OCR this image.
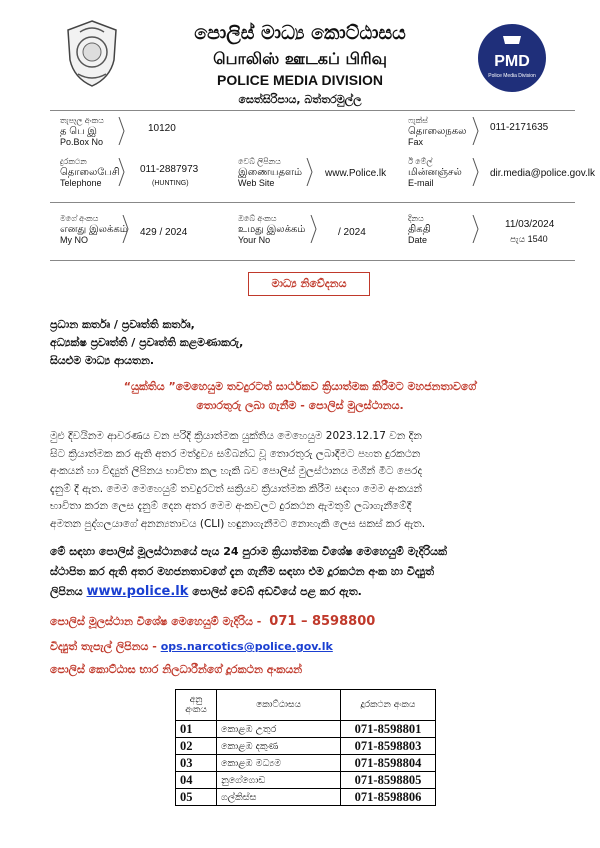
PMD
Police Media Division
පොලිස් මාධ්‍ය කොට්ඨාසය
பொலிஸ் ஊடகப் பிரிவு
POLICE MEDIA DIVISION
සෙත්සිරිපාය, බත්තරමුල්ල
තැපෑල අංකය
த பெ இ
Po.Box No
10120
ෆැක්ස්
தொலைநகல
Fax
011-2171635
දුරකථන
தொலைபேசி
Telephone
011-2887973
(HUNTING)
වෙබ් ලිපිනය
இணையதளம்
Web Site
www.Police.lk
ඊ මේල්
மின்னஞ்சல்
E-mail
dir.media@police.gov.lk
මගේ අංකය
எனது இலக்கம்
My NO
429 / 2024
ඔබේ අංකය
உமது இலக்கம்
Your No
/ 2024
දිනය
திகதி
Date
11/03/2024
පැය 1540
මාධ්‍ය නිවේදනය
ප්‍රධාන කර්තෘ / ප්‍රවෘත්ති කර්තෘ,
අධ්‍යක්ෂ ප්‍රවෘත්ති / ප්‍රවෘත්ති කළමණාකරු,
සියළුම මාධ්‍ය ආයතන.
“යුක්තිය ”මෙහෙයුම තවදුරටත් සාර්ථකව ක්‍රියාත්මක කිරීමට මහජනතාවගේ
තොරතුරු ලබා ගැනීම - පොලිස් මුලස්ථානය.
මුළු දිවයිනම ආවරණය වන පරිදි ක්‍රියාත්මක යුක්තිය මෙහෙයුම 2023.12.17 වන දින
සිට ක්‍රියාත්මක කර ඇති අතර මත්ද්‍රව්‍ය සම්බන්ධ වූ තොරතුරු ලබාදීමට පහත දුරකථන
අංකයන් හා විද්‍යුත් ලිපිනය භාවිතා කල හැකි බව පොලිස් මුලස්ථානය මගින් මීට පෙරද
දැනුම් දී ඇත. මෙම මෙහෙයුම් තවදුරටත් සක්‍රියව ක්‍රියාත්මක කිරීම සඳහා මෙම අංකයන්
භාවිතා කරන ලෙස දැනුම් දෙන අතර මෙම අංකවලට දුරකථන ඇමතුම් ලබාගැනීමේදී
අමතන පුද්ගලයාගේ අනන්‍යතාවය (CLI) හඳුනාගැනීමට නොහැකි ලෙස සකස් කර ඇත.
මේ සඳහා පොලිස් මූලස්ථානයේ පැය 24 පුරාම ක්‍රියාත්මක විශේෂ මෙහෙයුම් මැදිරියක්
ස්ථාපිත කර ඇති අතර මහජනතාවගේ දැන ගැනීම සඳහා එම දූරකථන අංක හා විද්‍යුත්
ලිපිනය www.police.lk පොලිස් වෙබ් අඩවියේ පළ කර ඇත.
පොලිස් මූලස්ථාන විශේෂ මෙහෙයුම් මැදිරිය - 071 – 8598800
විද්‍යුත් තැපැල් ලිපිනය - ops.narcotics@police.gov.lk
පොලිස් කොට්ඨාස භාර නිලධාරීන්ගේ දූරකථන අංකයන්
අනු අංකය	කොට්ඨාසය	දූරකථන අංකය
01	කොළඹ උතුර	071-8598801
02	කොළඹ දකුණ	071-8598803
03	කොළඹ මධ්‍යම	071-8598804
04	නුගේගොඩ	071-8598805
05	ගල්කිස්ස	071-8598806
